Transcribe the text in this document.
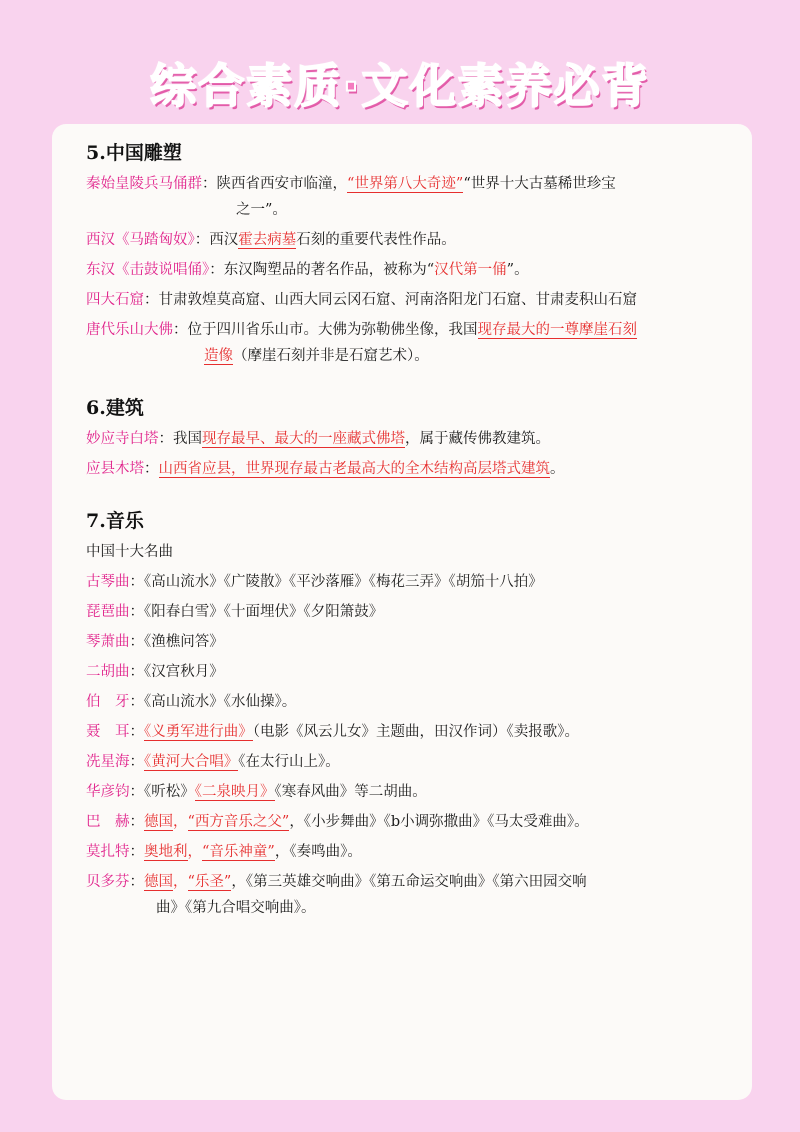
综合素质·文化素养必背

5.中国雕塑

秦始皇陵兵马俑群：陕西省西安市临潼，“世界第八大奇迹”“世界十大古墓稀世珍宝

之一”。

西汉《马踏匈奴》：西汉霍去病墓石刻的重要代表性作品。

东汉《击鼓说唱俑》：东汉陶塑品的著名作品，被称为“汉代第一俑”。

四大石窟：甘肃敦煌莫高窟、山西大同云冈石窟、河南洛阳龙门石窟、甘肃麦积山石窟

唐代乐山大佛：位于四川省乐山市。大佛为弥勒佛坐像，我国现存最大的一尊摩崖石刻

造像（摩崖石刻并非是石窟艺术）。

6.建筑

妙应寺白塔：我国现存最早、最大的一座藏式佛塔，属于藏传佛教建筑。

应县木塔：山西省应县，世界现存最古老最高大的全木结构高层塔式建筑。

7.音乐

中国十大名曲

古琴曲：《高山流水》《广陵散》《平沙落雁》《梅花三弄》《胡笳十八拍》

琵琶曲：《阳春白雪》《十面埋伏》《夕阳箫鼓》

琴萧曲：《渔樵问答》

二胡曲：《汉宫秋月》

伯　牙：《高山流水》《水仙操》。

聂　耳：《义勇军进行曲》（电影《风云儿女》主题曲，田汉作词）《卖报歌》。

冼星海：《黄河大合唱》《在太行山上》。

华彦钧：《听松》《二泉映月》《寒春风曲》等二胡曲。

巴　赫：德国，“西方音乐之父”，《小步舞曲》《b小调弥撒曲》《马太受难曲》。

莫扎特：奥地利，“音乐神童”，《奏鸣曲》。

贝多芬：德国，“乐圣”，《第三英雄交响曲》《第五命运交响曲》《第六田园交响

曲》《第九合唱交响曲》。
